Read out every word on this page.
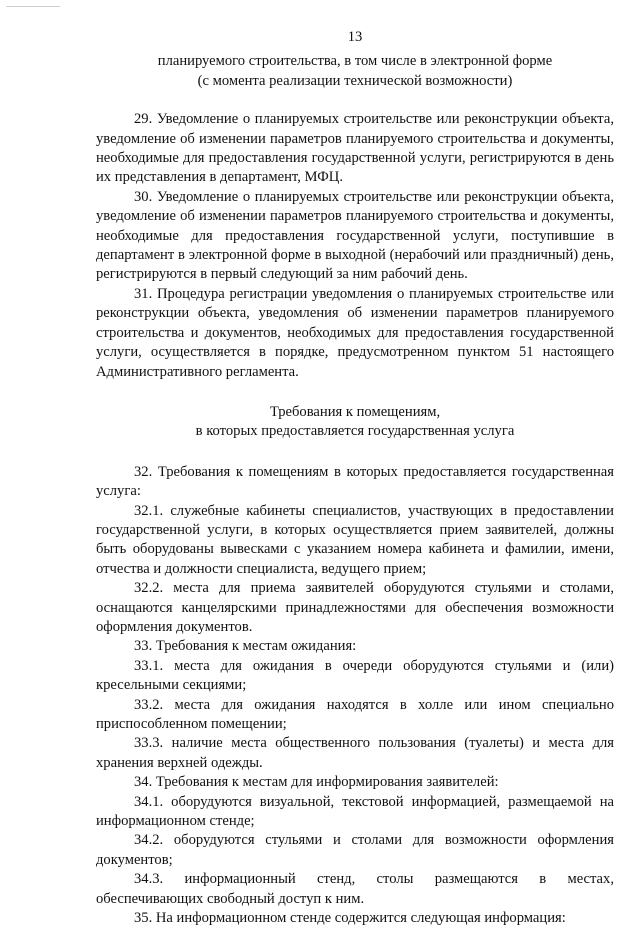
13
планируемого строительства, в том числе в электронной форме
(с момента реализации технической возможности)

29. Уведомление о планируемых строительстве или реконструкции объекта, уведомление об изменении параметров планируемого строительства и документы, необходимые для предоставления государственной услуги, регистрируются в день их представления в департамент, МФЦ.

30. Уведомление о планируемых строительстве или реконструкции объекта, уведомление об изменении параметров планируемого строительства и документы, необходимые для предоставления государственной услуги, поступившие в департамент в электронной форме в выходной (нерабочий или праздничный) день, регистрируются в первый следующий за ним рабочий день.

31. Процедура регистрации уведомления о планируемых строительстве или реконструкции объекта, уведомления об изменении параметров планируемого строительства и документов, необходимых для предоставления государственной услуги, осуществляется в порядке, предусмотренном пунктом 51 настоящего Административного регламента.

Требования к помещениям,
в которых предоставляется государственная услуга

32. Требования к помещениям в которых предоставляется государственная услуга:

32.1. служебные кабинеты специалистов, участвующих в предоставлении государственной услуги, в которых осуществляется прием заявителей, должны быть оборудованы вывесками с указанием номера кабинета и фамилии, имени, отчества и должности специалиста, ведущего прием;

32.2. места для приема заявителей оборудуются стульями и столами, оснащаются канцелярскими принадлежностями для обеспечения возможности оформления документов.

33. Требования к местам ожидания:

33.1. места для ожидания в очереди оборудуются стульями и (или) кресельными секциями;

33.2. места для ожидания находятся в холле или ином специально приспособленном помещении;

33.3. наличие места общественного пользования (туалеты) и места для хранения верхней одежды.

34. Требования к местам для информирования заявителей:

34.1. оборудуются визуальной, текстовой информацией, размещаемой на информационном стенде;

34.2. оборудуются стульями и столами для возможности оформления документов;

34.3. информационный стенд, столы размещаются в местах, обеспечивающих свободный доступ к ним.

35. На информационном стенде содержится следующая информация:
